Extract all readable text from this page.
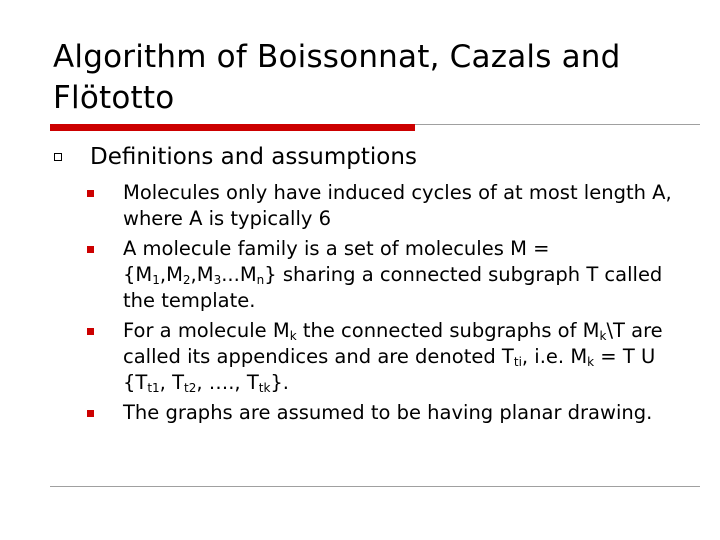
Algorithm of Boissonnat, Cazals and Flötotto
Definitions and assumptions
Molecules only have induced cycles of at most length A, where A is typically 6
A molecule family is a set of molecules $M = \{M_1,M_2,M_3...M_n\}$ sharing a connected subgraph T called the template.
For a molecule $M_k$ the connected subgraphs of $M_k\backslash T$ are called its appendices and are denoted $T_{ti}$, i.e. $M_k = T$ U {$T_{t1}$, $T_{t2}$, …., $T_{tk}$}.
The graphs are assumed to be having planar drawing.
